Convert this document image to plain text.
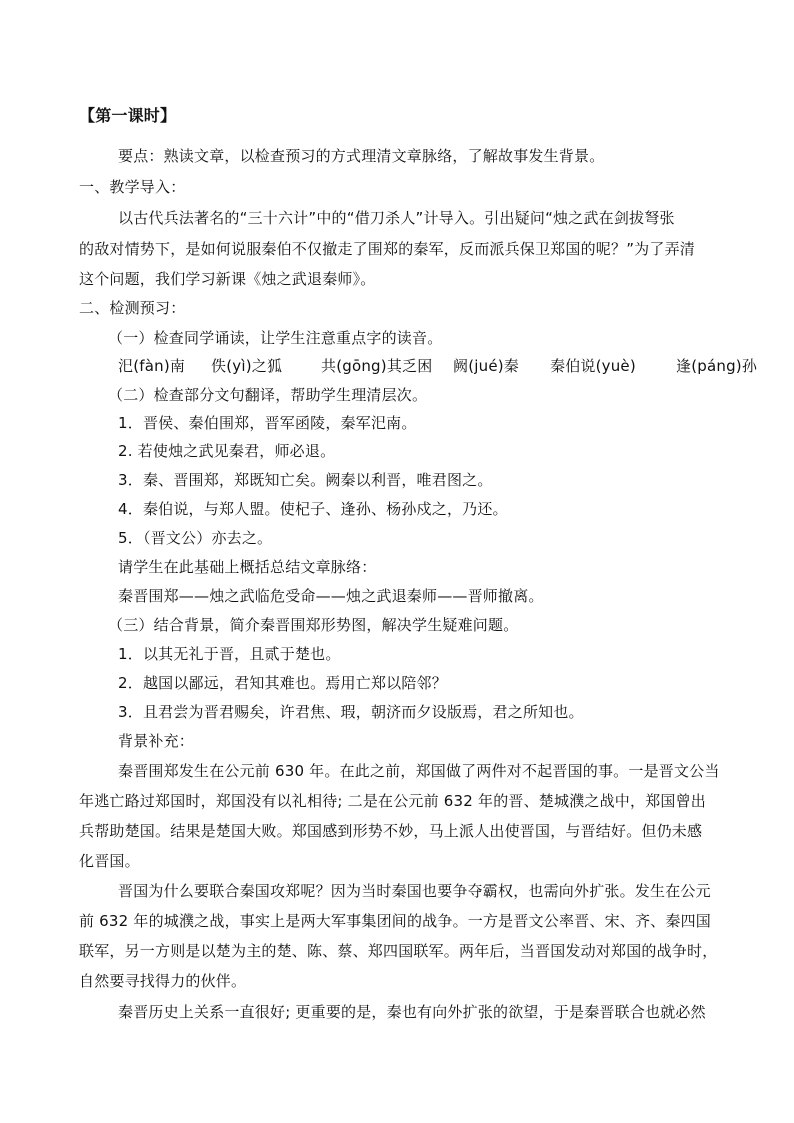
【第一课时】
要点：熟读文章，以检查预习的方式理清文章脉络，了解故事发生背景。
一、教学导入：
以古代兵法著名的“三十六计”中的“借刀杀人”计导入。引出疑问“烛之武在剑拔弩张
的敌对情势下，是如何说服秦伯不仅撤走了围郑的秦军，反而派兵保卫郑国的呢？”为了弄清
这个问题，我们学习新课《烛之武退秦师》。
二、检测预习：
（一）检查同学诵读，让学生注意重点字的读音。
汜(fàn)南 佚(yì)之狐	共(gōng)其乏困 阙(jué)秦 秦伯说(yuè)	逢(páng)孙
（二）检查部分文句翻译，帮助学生理清层次。
1．晋侯、秦伯围郑，晋军函陵，秦军汜南。
2. 若使烛之武见秦君，师必退。
3．秦、晋围郑，郑既知亡矣。阙秦以利晋，唯君图之。
4．秦伯说，与郑人盟。使杞子、逢孙、杨孙戍之，乃还。
5．（晋文公）亦去之。
请学生在此基础上概括总结文章脉络：
秦晋围郑——烛之武临危受命——烛之武退秦师——晋师撤离。
（三）结合背景，简介秦晋围郑形势图，解决学生疑难问题。
1．以其无礼于晋，且贰于楚也。
2．越国以鄙远，君知其难也。焉用亡郑以陪邻？
3．且君尝为晋君赐矣，许君焦、瑕，朝济而夕设版焉，君之所知也。
背景补充：
秦晋围郑发生在公元前 630 年。在此之前，郑国做了两件对不起晋国的事。一是晋文公当
年逃亡路过郑国时，郑国没有以礼相待; 二是在公元前 632 年的晋、楚城濮之战中，郑国曾出
兵帮助楚国。结果是楚国大败。郑国感到形势不妙，马上派人出使晋国，与晋结好。但仍未感
化晋国。
晋国为什么要联合秦国攻郑呢？因为当时秦国也要争夺霸权，也需向外扩张。发生在公元
前 632 年的城濮之战，事实上是两大军事集团间的战争。一方是晋文公率晋、宋、齐、秦四国
联军，另一方则是以楚为主的楚、陈、蔡、郑四国联军。两年后，当晋国发动对郑国的战争时，
自然要寻找得力的伙伴。
秦晋历史上关系一直很好; 更重要的是，秦也有向外扩张的欲望，于是秦晋联合也就必然
